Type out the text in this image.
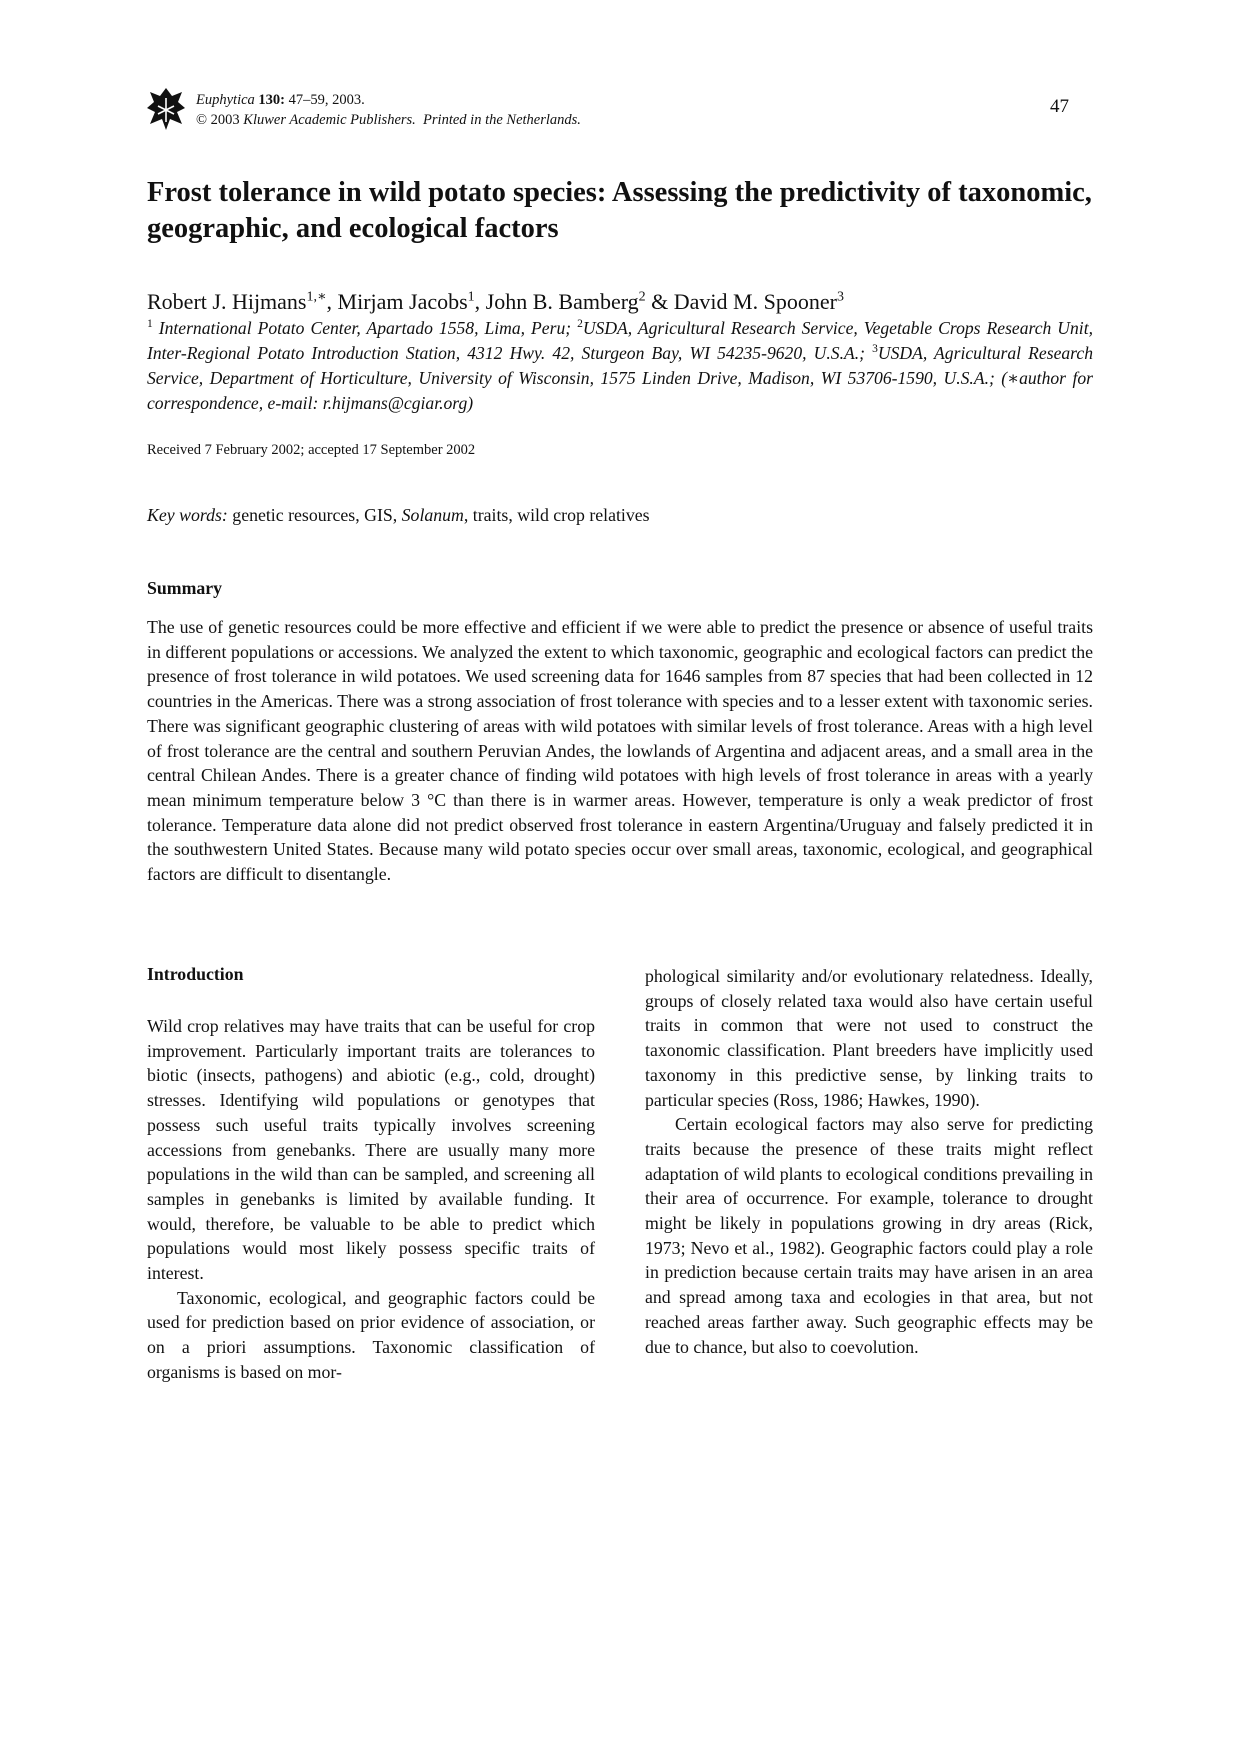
Euphytica 130: 47–59, 2003.
© 2003 Kluwer Academic Publishers. Printed in the Netherlands.
47
Frost tolerance in wild potato species: Assessing the predictivity of taxonomic, geographic, and ecological factors
Robert J. Hijmans$^{1,∗}$, Mirjam Jacobs$^1$, John B. Bamberg$^2$ & David M. Spooner$^3$
$^1$ International Potato Center, Apartado 1558, Lima, Peru; $^2$USDA, Agricultural Research Service, Vegetable Crops Research Unit, Inter-Regional Potato Introduction Station, 4312 Hwy. 42, Sturgeon Bay, WI 54235-9620, U.S.A.; $^3$USDA, Agricultural Research Service, Department of Horticulture, University of Wisconsin, 1575 Linden Drive, Madison, WI 53706-1590, U.S.A.; (∗author for correspondence, e-mail: r.hijmans@cgiar.org)
Received 7 February 2002; accepted 17 September 2002
Key words: genetic resources, GIS, Solanum, traits, wild crop relatives
Summary

The use of genetic resources could be more effective and efficient if we were able to predict the presence or absence of useful traits in different populations or accessions. We analyzed the extent to which taxonomic, geographic and ecological factors can predict the presence of frost tolerance in wild potatoes. We used screening data for 1646 samples from 87 species that had been collected in 12 countries in the Americas. There was a strong association of frost tolerance with species and to a lesser extent with taxonomic series. There was significant geographic clustering of areas with wild potatoes with similar levels of frost tolerance. Areas with a high level of frost tolerance are the central and southern Peruvian Andes, the lowlands of Argentina and adjacent areas, and a small area in the central Chilean Andes. There is a greater chance of finding wild potatoes with high levels of frost tolerance in areas with a yearly mean minimum temperature below 3 °C than there is in warmer areas. However, temperature is only a weak predictor of frost tolerance. Temperature data alone did not predict observed frost tolerance in eastern Argentina/Uruguay and falsely predicted it in the southwestern United States. Because many wild potato species occur over small areas, taxonomic, ecological, and geographical factors are difficult to disentangle.

Introduction

Wild crop relatives may have traits that can be useful for crop improvement. Particularly important traits are tolerances to biotic (insects, pathogens) and abiotic (e.g., cold, drought) stresses. Identifying wild populations or genotypes that possess such useful traits typically involves screening accessions from genebanks. There are usually many more populations in the wild than can be sampled, and screening all samples in genebanks is limited by available funding. It would, therefore, be valuable to be able to predict which populations would most likely possess specific traits of interest.

Taxonomic, ecological, and geographic factors could be used for prediction based on prior evidence of association, or on a priori assumptions. Taxonomic classification of organisms is based on mor-

phological similarity and/or evolutionary relatedness. Ideally, groups of closely related taxa would also have certain useful traits in common that were not used to construct the taxonomic classification. Plant breeders have implicitly used taxonomy in this predictive sense, by linking traits to particular species (Ross, 1986; Hawkes, 1990).

Certain ecological factors may also serve for predicting traits because the presence of these traits might reflect adaptation of wild plants to ecological conditions prevailing in their area of occurrence. For example, tolerance to drought might be likely in populations growing in dry areas (Rick, 1973; Nevo et al., 1982). Geographic factors could play a role in prediction because certain traits may have arisen in an area and spread among taxa and ecologies in that area, but not reached areas farther away. Such geographic effects may be due to chance, but also to coevolution.
